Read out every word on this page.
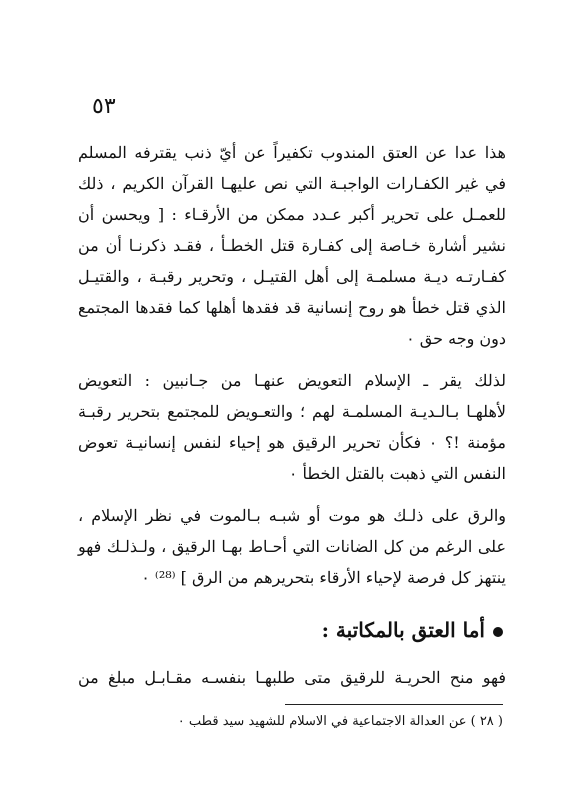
٥٣
هذا عدا عن العتق المندوب تكفيراً عن أيّ ذنب يقترفه المسلم
في غير الكفـارات الواجبـة التي نص عليهـا القرآن الكريم ، ذلك
للعمـل على تحرير أكبر عـدد ممكن من الأرقـاء : [ ويحسن أن
نشير أشارة خـاصة إلى كفـارة قتل الخطـأ ، فقـد ذكرنـا أن من
كفـارتـه ديـة مسلمـة إلى أهل القتيـل ، وتحرير رقبـة ، والقتيـل
الذي قتل خطأ هو روح إنسانية قد فقدها أهلها كما فقدها المجتمع
دون وجه حق ٠
لذلك يقر ـ الإسلام التعويض عنهـا من جـانبين : التعويض
لأهلهـا بـالـديـة المسلمـة لهم ؛ والتعـويض للمجتمع بتحرير رقبـة
مؤمنة !؟ ٠ فكأن تحرير الرقيق هو إحياء لنفس إنسانيـة تعوض
النفس التي ذهبت بالقتل الخطأ ٠
والرق على ذلـك هو موت أو شبـه بـالموت في نظر الإسلام ،
على الرغم من كل الضانات التي أحـاط بهـا الرقيق ، ولـذلـك فهو
ينتهز كل فرصة لإحياء الأرقاء بتحريرهم من الرق ] ⁽²⁸⁾ ٠
أما العتق بالمكاتبة :
فهو منح الحريـة للرقيق متى طلبهـا بنفسـه مقـابـل مبلغ من
( ٢٨ ) عن العدالة الاجتماعية في الاسلام للشهيد سيد قطب ٠
